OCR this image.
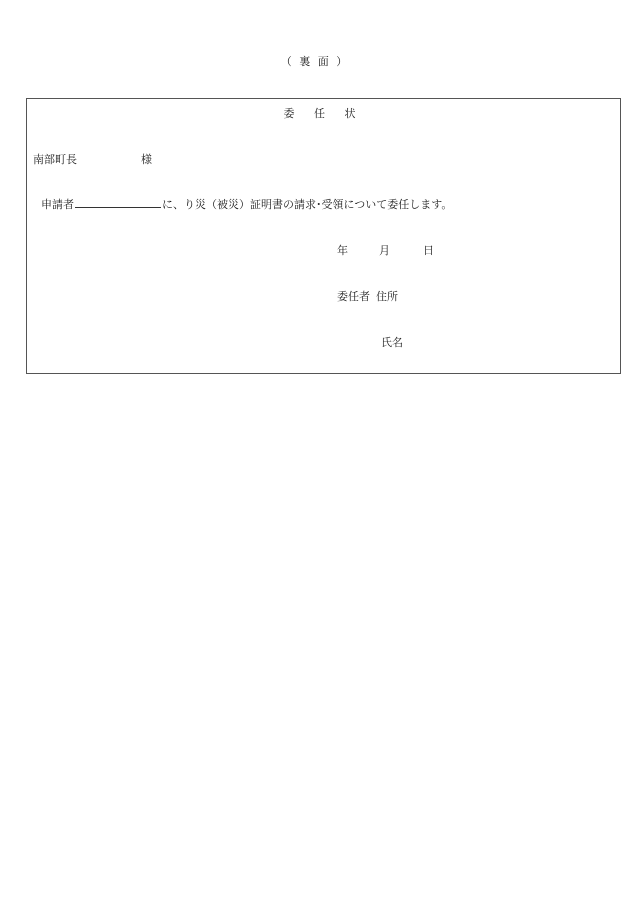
（ 裏 面 ）
委 任 状
南部町長	様
申請者	に、り災（被災）証明書の請求･受領について委任します。
年	月	日
委任者 住所
氏名
